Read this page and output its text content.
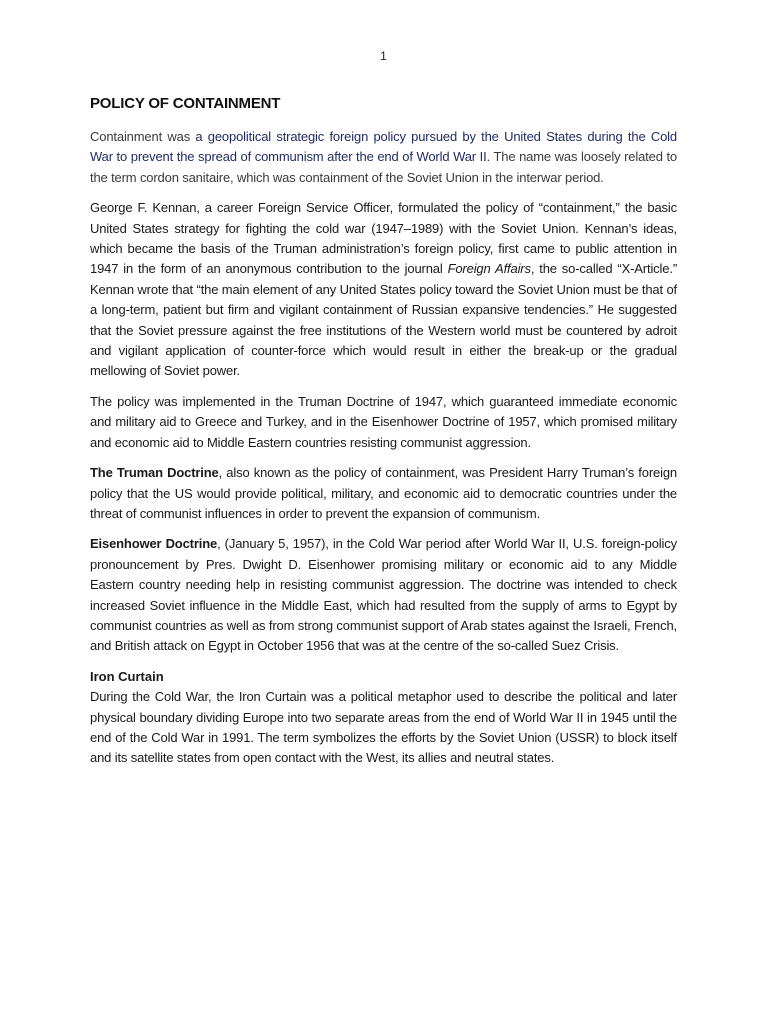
1
POLICY OF CONTAINMENT

Containment was a geopolitical strategic foreign policy pursued by the United States during the Cold War to prevent the spread of communism after the end of World War II. The name was loosely related to the term cordon sanitaire, which was containment of the Soviet Union in the interwar period.

George F. Kennan, a career Foreign Service Officer, formulated the policy of “containment,” the basic United States strategy for fighting the cold war (1947–1989) with the Soviet Union. Kennan’s ideas, which became the basis of the Truman administration’s foreign policy, first came to public attention in 1947 in the form of an anonymous contribution to the journal Foreign Affairs, the so-called “X-Article.” Kennan wrote that “the main element of any United States policy toward the Soviet Union must be that of a long-term, patient but firm and vigilant containment of Russian expansive tendencies.” He suggested that the Soviet pressure against the free institutions of the Western world must be countered by adroit and vigilant application of counter-force which would result in either the break-up or the gradual mellowing of Soviet power.

The policy was implemented in the Truman Doctrine of 1947, which guaranteed immediate economic and military aid to Greece and Turkey, and in the Eisenhower Doctrine of 1957, which promised military and economic aid to Middle Eastern countries resisting communist aggression.

The Truman Doctrine, also known as the policy of containment, was President Harry Truman’s foreign policy that the US would provide political, military, and economic aid to democratic countries under the threat of communist influences in order to prevent the expansion of communism.

Eisenhower Doctrine, (January 5, 1957), in the Cold War period after World War II, U.S. foreign-policy pronouncement by Pres. Dwight D. Eisenhower promising military or economic aid to any Middle Eastern country needing help in resisting communist aggression. The doctrine was intended to check increased Soviet influence in the Middle East, which had resulted from the supply of arms to Egypt by communist countries as well as from strong communist support of Arab states against the Israeli, French, and British attack on Egypt in October 1956 that was at the centre of the so-called Suez Crisis.

Iron Curtain

During the Cold War, the Iron Curtain was a political metaphor used to describe the political and later physical boundary dividing Europe into two separate areas from the end of World War II in 1945 until the end of the Cold War in 1991. The term symbolizes the efforts by the Soviet Union (USSR) to block itself and its satellite states from open contact with the West, its allies and neutral states.
